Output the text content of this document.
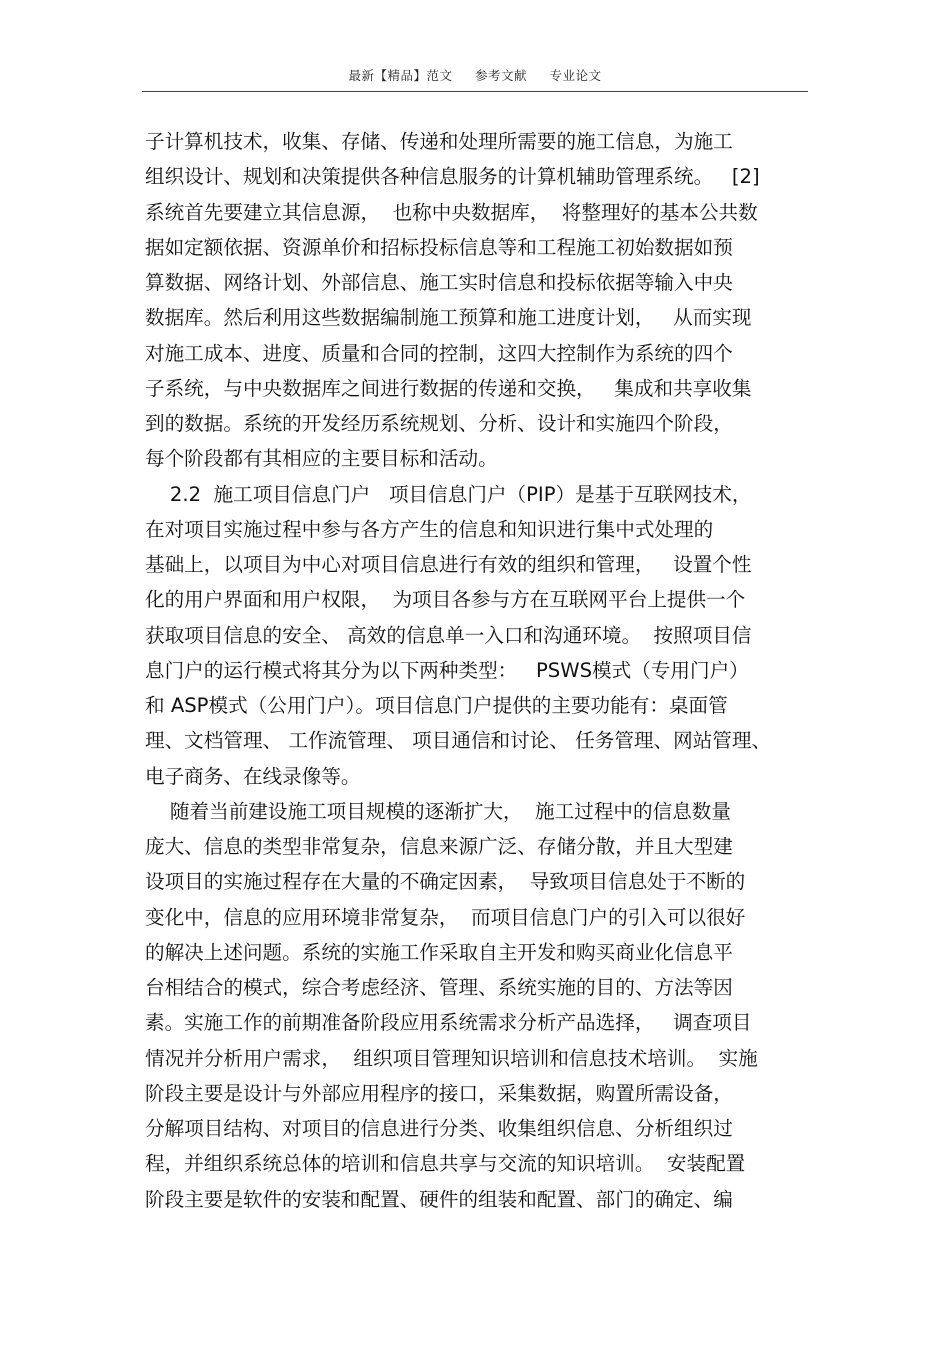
最新【精品】范文 参考文献 专业论文
子计算机技术，收集、存储、传递和处理所需要的施工信息，为施工
组织设计、规划和决策提供各种信息服务的计算机辅助管理系统。   [2]
系统首先要建立其信息源，  也称中央数据库，  将整理好的基本公共数
据如定额依据、资源单价和招标投标信息等和工程施工初始数据如预
算数据、网络计划、外部信息、施工实时信息和投标依据等输入中央
数据库。然后利用这些数据编制施工预算和施工进度计划，   从而实现
对施工成本、进度、质量和合同的控制，这四大控制作为系统的四个
子系统，与中央数据库之间进行数据的传递和交换，   集成和共享收集
到的数据。系统的开发经历系统规划、分析、设计和实施四个阶段，
每个阶段都有其相应的主要目标和活动。
2.2  施工项目信息门户   项目信息门户（PIP）是基于互联网技术，
在对项目实施过程中参与各方产生的信息和知识进行集中式处理的
基础上，以项目为中心对项目信息进行有效的组织和管理，   设置个性
化的用户界面和用户权限，  为项目各参与方在互联网平台上提供一个
获取项目信息的安全、 高效的信息单一入口和沟通环境。  按照项目信
息门户的运行模式将其分为以下两种类型：   PSWS模式（专用门户）
和 ASP模式（公用门户）。项目信息门户提供的主要功能有：桌面管
理、文档管理、 工作流管理、 项目通信和讨论、 任务管理、网站管理、
电子商务、在线录像等。
随着当前建设施工项目规模的逐渐扩大，  施工过程中的信息数量
庞大、信息的类型非常复杂，信息来源广泛、存储分散，并且大型建
设项目的实施过程存在大量的不确定因素，  导致项目信息处于不断的
变化中，信息的应用环境非常复杂，  而项目信息门户的引入可以很好
的解决上述问题。系统的实施工作采取自主开发和购买商业化信息平
台相结合的模式，综合考虑经济、管理、系统实施的目的、方法等因
素。实施工作的前期准备阶段应用系统需求分析产品选择，   调查项目
情况并分析用户需求，  组织项目管理知识培训和信息技术培训。  实施
阶段主要是设计与外部应用程序的接口，采集数据，购置所需设备，
分解项目结构、对项目的信息进行分类、收集组织信息、分析组织过
程，并组织系统总体的培训和信息共享与交流的知识培训。  安装配置
阶段主要是软件的安装和配置、硬件的组装和配置、部门的确定、编
